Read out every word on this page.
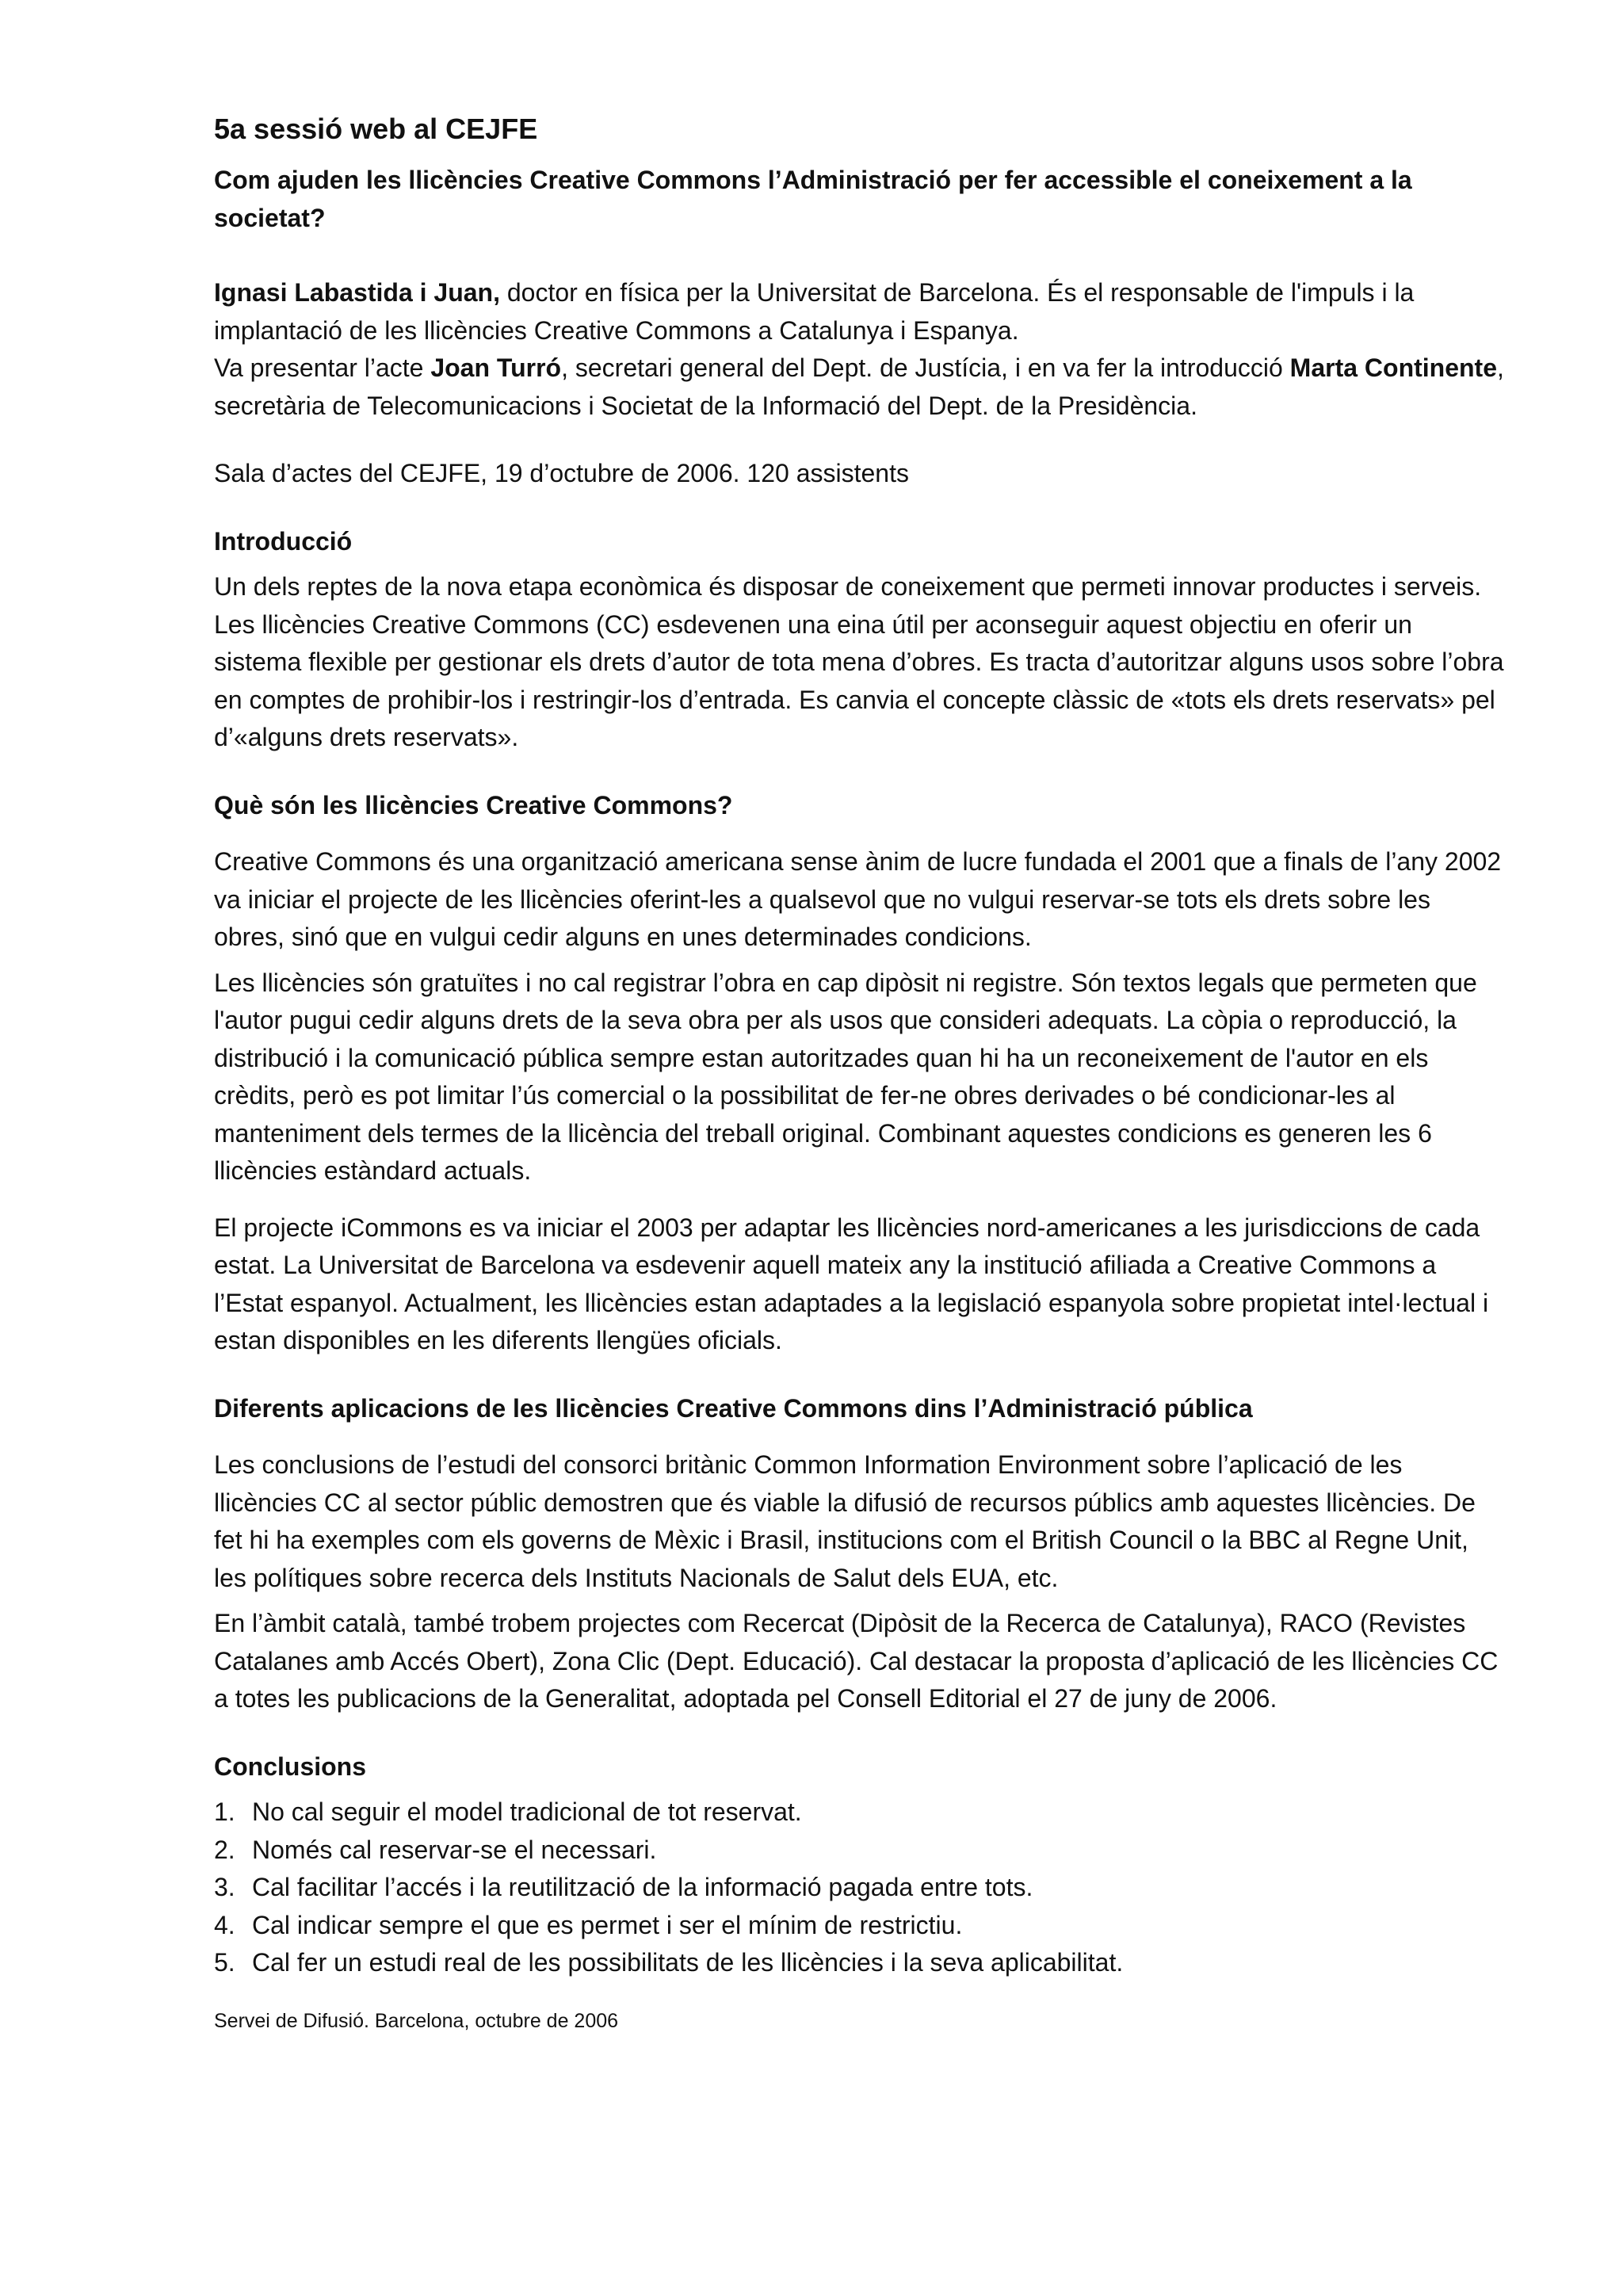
5a sessió web al CEJFE

Com ajuden les llicències Creative Commons l’Administració per fer accessible el coneixement a la societat?

Ignasi Labastida i Juan, doctor en física per la Universitat de Barcelona. És el responsable de l'impuls i la implantació de les llicències Creative Commons a Catalunya i Espanya.

Va presentar l’acte Joan Turró, secretari general del Dept. de Justícia, i en va fer la introducció Marta Continente, secretària de Telecomunicacions i Societat de la Informació del Dept. de la Presidència.

Sala d’actes del CEJFE, 19 d’octubre de 2006. 120 assistents

Introducció

Un dels reptes de la nova etapa econòmica és disposar de coneixement que permeti innovar productes i serveis. Les llicències Creative Commons (CC) esdevenen una eina útil per aconseguir aquest objectiu en oferir un sistema flexible per gestionar els drets d’autor de tota mena d’obres. Es tracta d’autoritzar alguns usos sobre l’obra en comptes de prohibir-los i restringir-los d’entrada. Es canvia el concepte clàssic de «tots els drets reservats» pel d’«alguns drets reservats».

Què són les llicències Creative Commons?

Creative Commons és una organització americana sense ànim de lucre fundada el 2001 que a finals de l’any 2002 va iniciar el projecte de les llicències oferint-les a qualsevol que no vulgui reservar-se tots els drets sobre les obres, sinó que en vulgui cedir alguns en unes determinades condicions.

Les llicències són gratuïtes i no cal registrar l’obra en cap dipòsit ni registre. Són textos legals que permeten que l'autor pugui cedir alguns drets de la seva obra per als usos que consideri adequats. La còpia o reproducció, la distribució i la comunicació pública sempre estan autoritzades quan hi ha un reconeixement de l'autor en els crèdits, però es pot limitar l’ús comercial o la possibilitat de fer-ne obres derivades o bé condicionar-les al manteniment dels termes de la llicència del treball original. Combinant aquestes condicions es generen les 6 llicències estàndard actuals.

El projecte iCommons es va iniciar el 2003 per adaptar les llicències nord-americanes a les jurisdiccions de cada estat. La Universitat de Barcelona va esdevenir aquell mateix any la institució afiliada a Creative Commons a l’Estat espanyol. Actualment, les llicències estan adaptades a la legislació espanyola sobre propietat intel·lectual i estan disponibles en les diferents llengües oficials.

Diferents aplicacions de les llicències Creative Commons dins l’Administració pública

Les conclusions de l’estudi del consorci britànic Common Information Environment sobre l’aplicació de les llicències CC al sector públic demostren que és viable la difusió de recursos públics amb aquestes llicències. De fet hi ha exemples com els governs de Mèxic i Brasil, institucions com el British Council o la BBC al Regne Unit, les polítiques sobre recerca dels Instituts Nacionals de Salut dels EUA, etc.

En l’àmbit català, també trobem projectes com Recercat (Dipòsit de la Recerca de Catalunya), RACO (Revistes Catalanes amb Accés Obert), Zona Clic (Dept. Educació). Cal destacar la proposta d’aplicació de les llicències CC a totes les publicacions de la Generalitat, adoptada pel Consell Editorial el 27 de juny de 2006.

Conclusions
1. No cal seguir el model tradicional de tot reservat.
2. Només cal reservar-se el necessari.
3. Cal facilitar l’accés i la reutilització de la informació pagada entre tots.
4. Cal indicar sempre el que es permet i ser el mínim de restrictiu.
5. Cal fer un estudi real de les possibilitats de les llicències i la seva aplicabilitat.

Servei de Difusió. Barcelona, octubre de 2006
